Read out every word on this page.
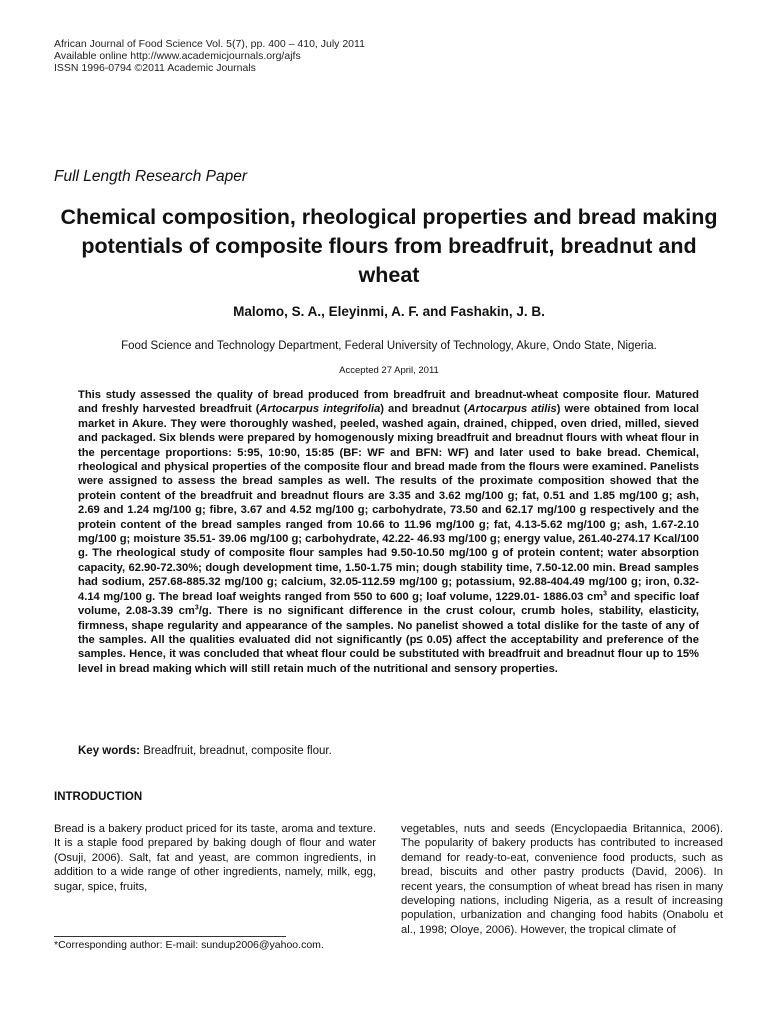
African Journal of Food Science Vol. 5(7), pp. 400 – 410, July 2011
Available online http://www.academicjournals.org/ajfs
ISSN 1996-0794 ©2011 Academic Journals
Full Length Research Paper
Chemical composition, rheological properties and bread making potentials of composite flours from breadfruit, breadnut and wheat
Malomo, S. A., Eleyinmi, A. F. and Fashakin, J. B.
Food Science and Technology Department, Federal University of Technology, Akure, Ondo State, Nigeria.
Accepted 27 April, 2011

This study assessed the quality of bread produced from breadfruit and breadnut-wheat composite flour. Matured and freshly harvested breadfruit (Artocarpus integrifolia) and breadnut (Artocarpus atilis) were obtained from local market in Akure. They were thoroughly washed, peeled, washed again, drained, chipped, oven dried, milled, sieved and packaged. Six blends were prepared by homogenously mixing breadfruit and breadnut flours with wheat flour in the percentage proportions: 5:95, 10:90, 15:85 (BF: WF and BFN: WF) and later used to bake bread. Chemical, rheological and physical properties of the composite flour and bread made from the flours were examined. Panelists were assigned to assess the bread samples as well. The results of the proximate composition showed that the protein content of the breadfruit and breadnut flours are 3.35 and 3.62 mg/100 g; fat, 0.51 and 1.85 mg/100 g; ash, 2.69 and 1.24 mg/100 g; fibre, 3.67 and 4.52 mg/100 g; carbohydrate, 73.50 and 62.17 mg/100 g respectively and the protein content of the bread samples ranged from 10.66 to 11.96 mg/100 g; fat, 4.13-5.62 mg/100 g; ash, 1.67-2.10 mg/100 g; moisture 35.51- 39.06 mg/100 g; carbohydrate, 42.22- 46.93 mg/100 g; energy value, 261.40-274.17 Kcal/100 g. The rheological study of composite flour samples had 9.50-10.50 mg/100 g of protein content; water absorption capacity, 62.90-72.30%; dough development time, 1.50-1.75 min; dough stability time, 7.50-12.00 min. Bread samples had sodium, 257.68-885.32 mg/100 g; calcium, 32.05-112.59 mg/100 g; potassium, 92.88-404.49 mg/100 g; iron, 0.32-4.14 mg/100 g. The bread loaf weights ranged from 550 to 600 g; loaf volume, 1229.01- 1886.03 $cm^3$ and specific loaf volume, 2.08-3.39 $cm^3/g$. There is no significant difference in the crust colour, crumb holes, stability, elasticity, firmness, shape regularity and appearance of the samples. No panelist showed a total dislike for the taste of any of the samples. All the qualities evaluated did not significantly (p≤ 0.05) affect the acceptability and preference of the samples. Hence, it was concluded that wheat flour could be substituted with breadfruit and breadnut flour up to 15% level in bread making which will still retain much of the nutritional and sensory properties.

Key words: Breadfruit, breadnut, composite flour.
INTRODUCTION

Bread is a bakery product priced for its taste, aroma and texture. It is a staple food prepared by baking dough of flour and water (Osuji, 2006). Salt, fat and yeast, are common ingredients, in addition to a wide range of other ingredients, namely, milk, egg, sugar, spice, fruits,

vegetables, nuts and seeds (Encyclopaedia Britannica, 2006). The popularity of bakery products has contributed to increased demand for ready-to-eat, convenience food products, such as bread, biscuits and other pastry products (David, 2006). In recent years, the consumption of wheat bread has risen in many developing nations, including Nigeria, as a result of increasing population, urbanization and changing food habits (Onabolu et al., 1998; Oloye, 2006). However, the tropical climate of

*Corresponding author: E-mail: sundup2006@yahoo.com.
